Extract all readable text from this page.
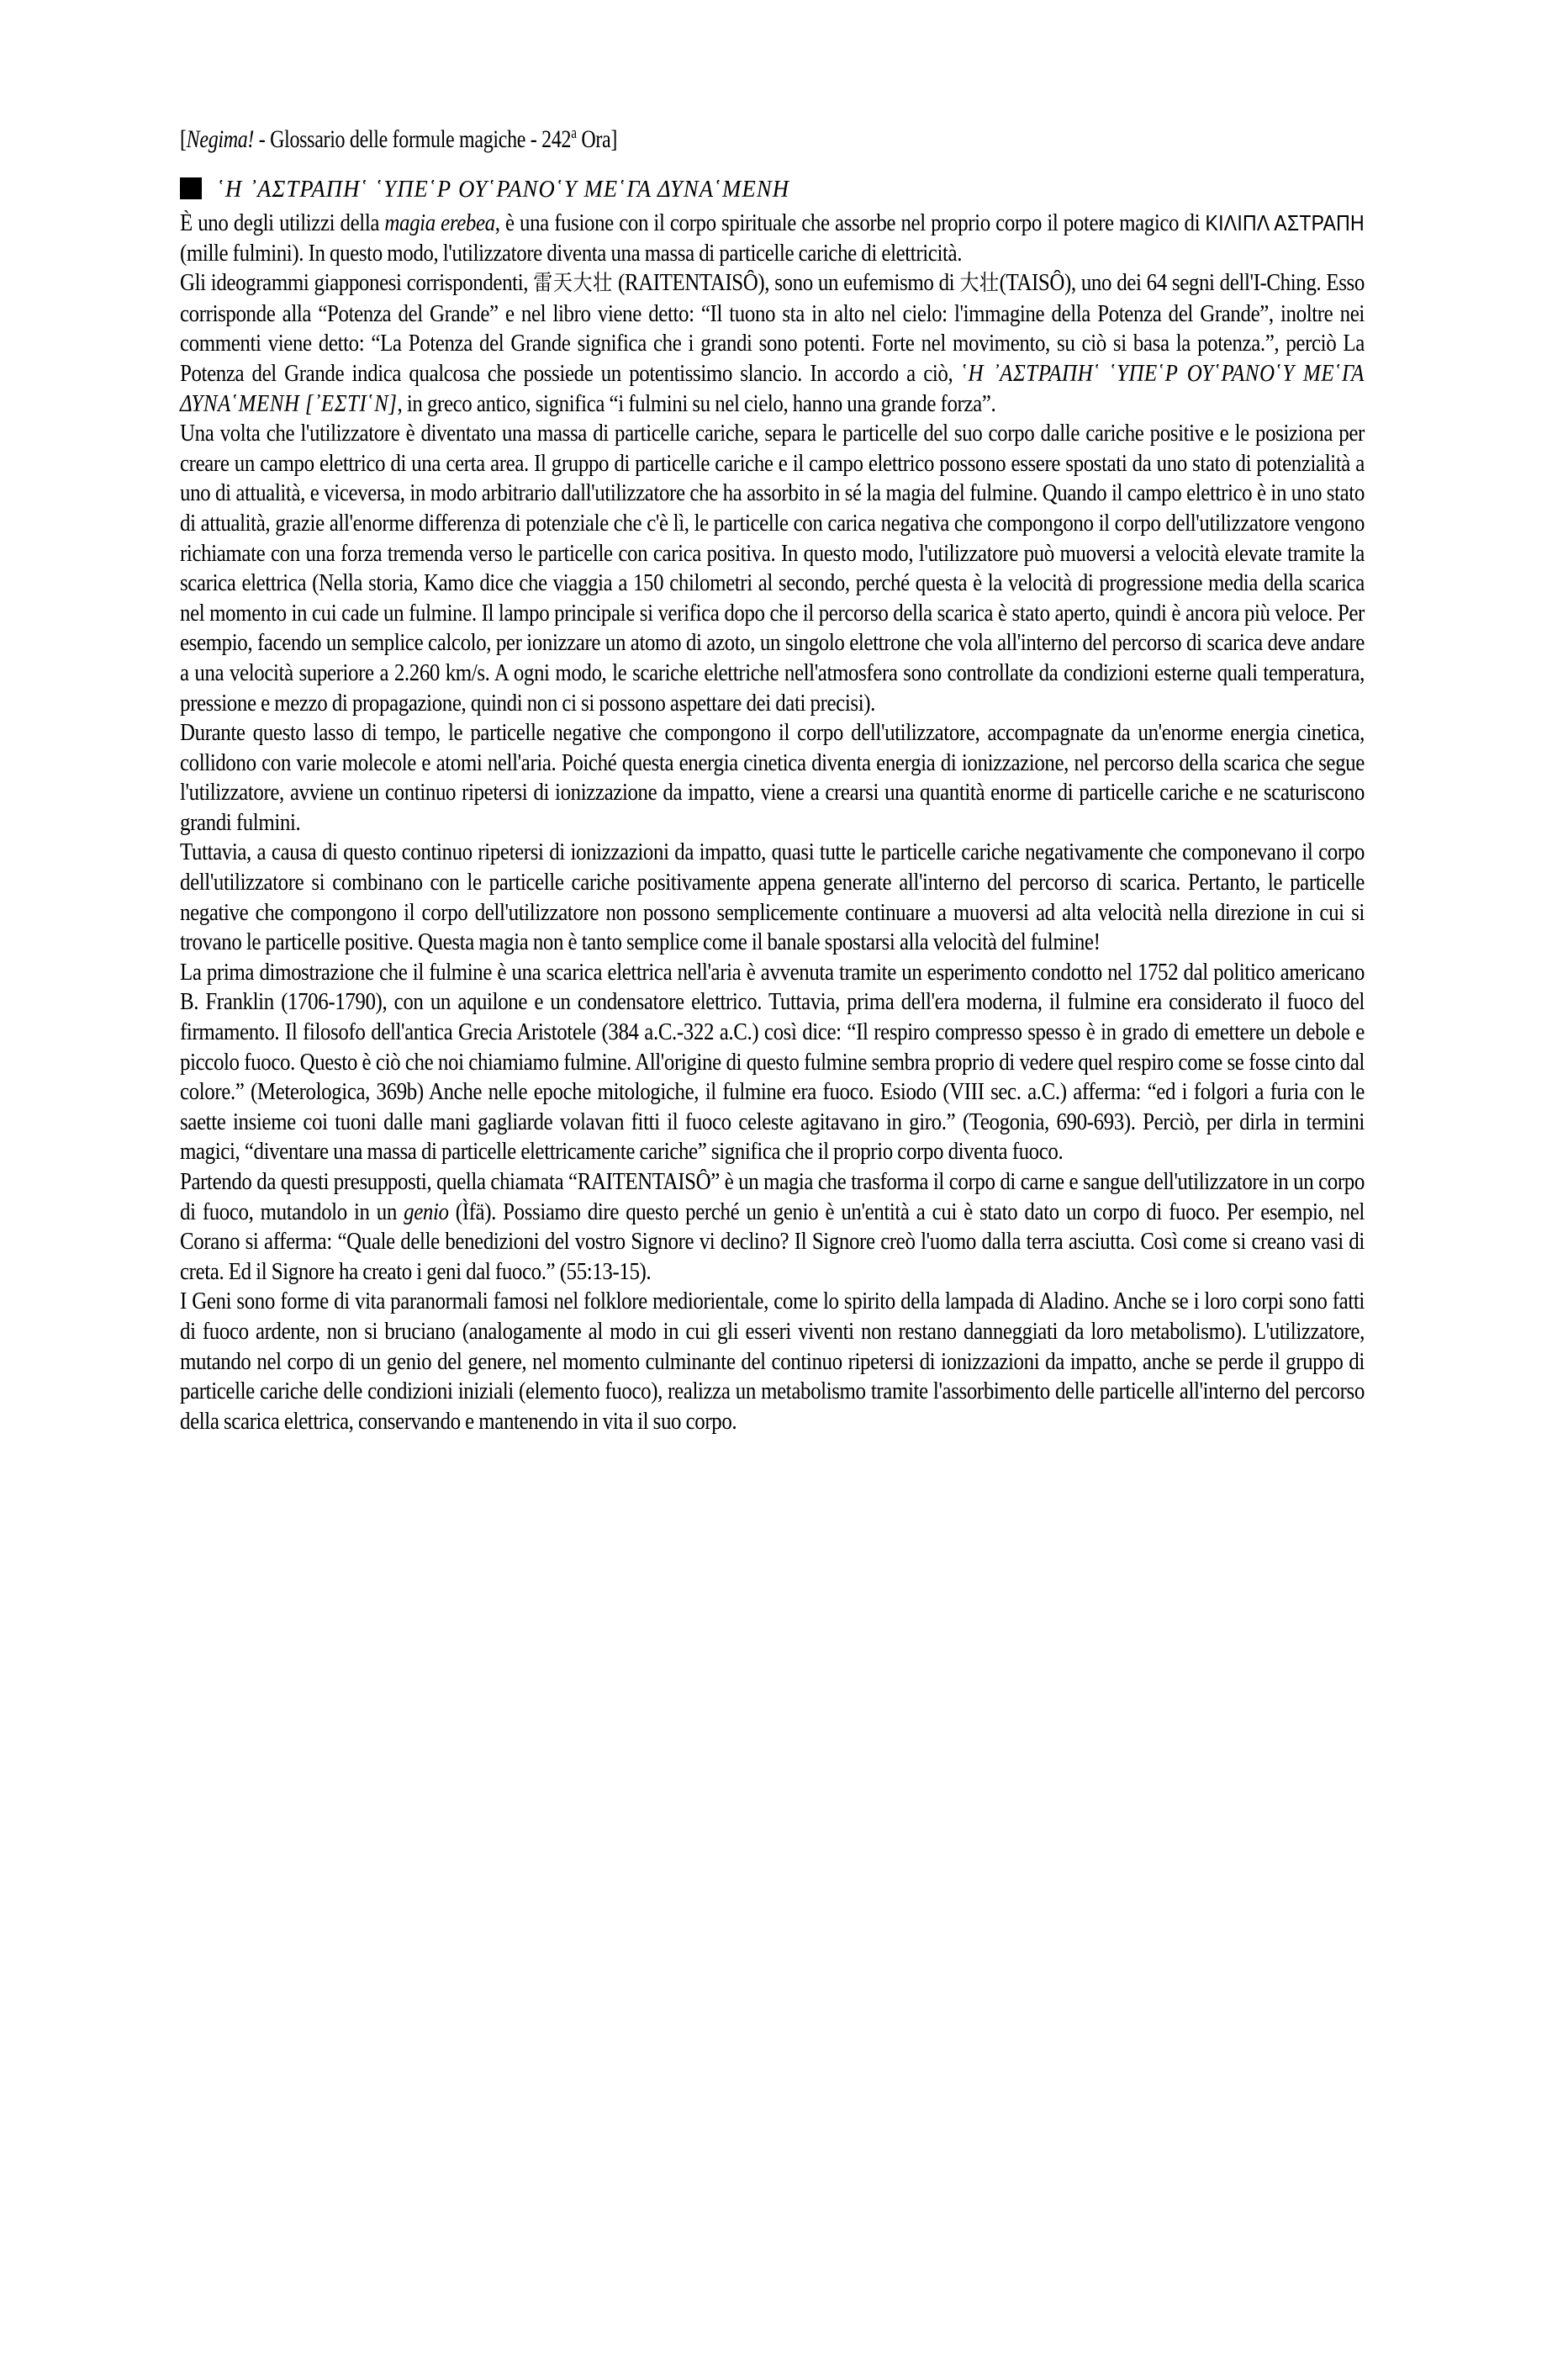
[Negima! - Glossario delle formule magiche - 242$^a$ Ora]
῾Η ᾽ΑΣΤΡΑΠΗ῾ ῾ΥΠΕ῾Ρ ΟΥ῾ΡΑΝΟ῾Υ ΜΕ῾ΓΑ ΔΥΝΑ῾ΜΕΝΗ
È uno degli utilizzi della magia erebea, è una fusione con il corpo spirituale che assorbe nel proprio corpo il potere magico di ΚΙΛΙΠΛ ΑΣΤΡΑΠΗ (mille fulmini). In questo modo, l'utilizzatore diventa una massa di particelle cariche di elettricità.
Gli ideogrammi giapponesi corrispondenti, 雷天大壮 (RAITENTAISÔ), sono un eufemismo di 大壮(TAISÔ), uno dei 64 segni dell'I-Ching. Esso corrisponde alla “Potenza del Grande” e nel libro viene detto: “Il tuono sta in alto nel cielo: l'immagine della Potenza del Grande”, inoltre nei commenti viene detto: “La Potenza del Grande significa che i grandi sono potenti. Forte nel movimento, su ciò si basa la potenza.”, perciò La Potenza del Grande indica qualcosa che possiede un potentissimo slancio. In accordo a ciò, ῾Η ᾽ΑΣΤΡΑΠΗ῾ ῾ΥΠΕ῾Ρ ΟΥ῾ΡΑΝΟ῾Υ ΜΕ῾ΓΑ ΔΥΝΑ῾ΜΕΝΗ [᾽ΕΣΤΙ῾Ν], in greco antico, significa “i fulmini su nel cielo, hanno una grande forza”.
Una volta che l'utilizzatore è diventato una massa di particelle cariche, separa le particelle del suo corpo dalle cariche positive e le posiziona per creare un campo elettrico di una certa area. Il gruppo di particelle cariche e il campo elettrico possono essere spostati da uno stato di potenzialità a uno di attualità, e viceversa, in modo arbitrario dall'utilizzatore che ha assorbito in sé la magia del fulmine. Quando il campo elettrico è in uno stato di attualità, grazie all'enorme differenza di potenziale che c'è lì, le particelle con carica negativa che compongono il corpo dell'utilizzatore vengono richiamate con una forza tremenda verso le particelle con carica positiva. In questo modo, l'utilizzatore può muoversi a velocità elevate tramite la scarica elettrica (Nella storia, Kamo dice che viaggia a 150 chilometri al secondo, perché questa è la velocità di progressione media della scarica nel momento in cui cade un fulmine. Il lampo principale si verifica dopo che il percorso della scarica è stato aperto, quindi è ancora più veloce. Per esempio, facendo un semplice calcolo, per ionizzare un atomo di azoto, un singolo elettrone che vola all'interno del percorso di scarica deve andare a una velocità superiore a 2.260 km/s. A ogni modo, le scariche elettriche nell'atmosfera sono controllate da condizioni esterne quali temperatura, pressione e mezzo di propagazione, quindi non ci si possono aspettare dei dati precisi).
Durante questo lasso di tempo, le particelle negative che compongono il corpo dell'utilizzatore, accompagnate da un'enorme energia cinetica, collidono con varie molecole e atomi nell'aria. Poiché questa energia cinetica diventa energia di ionizzazione, nel percorso della scarica che segue l'utilizzatore, avviene un continuo ripetersi di ionizzazione da impatto, viene a crearsi una quantità enorme di particelle cariche e ne scaturiscono grandi fulmini.
Tuttavia, a causa di questo continuo ripetersi di ionizzazioni da impatto, quasi tutte le particelle cariche negativamente che componevano il corpo dell'utilizzatore si combinano con le particelle cariche positivamente appena generate all'interno del percorso di scarica. Pertanto, le particelle negative che compongono il corpo dell'utilizzatore non possono semplicemente continuare a muoversi ad alta velocità nella direzione in cui si trovano le particelle positive. Questa magia non è tanto semplice come il banale spostarsi alla velocità del fulmine!
La prima dimostrazione che il fulmine è una scarica elettrica nell'aria è avvenuta tramite un esperimento condotto nel 1752 dal politico americano B. Franklin (1706-1790), con un aquilone e un condensatore elettrico. Tuttavia, prima dell'era moderna, il fulmine era considerato il fuoco del firmamento. Il filosofo dell'antica Grecia Aristotele (384 a.C.-322 a.C.) così dice: “Il respiro compresso spesso è in grado di emettere un debole e piccolo fuoco. Questo è ciò che noi chiamiamo fulmine. All'origine di questo fulmine sembra proprio di vedere quel respiro come se fosse cinto dal colore.” (Meterologica, 369b) Anche nelle epoche mitologiche, il fulmine era fuoco. Esiodo (VIII sec. a.C.) afferma: “ed i folgori a furia con le saette insieme coi tuoni dalle mani gagliarde volavan fitti il fuoco celeste agitavano in giro.” (Teogonia, 690-693). Perciò, per dirla in termini magici, “diventare una massa di particelle elettricamente cariche” significa che il proprio corpo diventa fuoco.
Partendo da questi presupposti, quella chiamata “RAITENTAISÔ” è un magia che trasforma il corpo di carne e sangue dell'utilizzatore in un corpo di fuoco, mutandolo in un genio (Ìfä). Possiamo dire questo perché un genio è un'entità a cui è stato dato un corpo di fuoco. Per esempio, nel Corano si afferma: “Quale delle benedizioni del vostro Signore vi declino? Il Signore creò l'uomo dalla terra asciutta. Così come si creano vasi di creta. Ed il Signore ha creato i geni dal fuoco.” (55:13-15).
I Geni sono forme di vita paranormali famosi nel folklore mediorientale, come lo spirito della lampada di Aladino. Anche se i loro corpi sono fatti di fuoco ardente, non si bruciano (analogamente al modo in cui gli esseri viventi non restano danneggiati da loro metabolismo). L'utilizzatore, mutando nel corpo di un genio del genere, nel momento culminante del continuo ripetersi di ionizzazioni da impatto, anche se perde il gruppo di particelle cariche delle condizioni iniziali (elemento fuoco), realizza un metabolismo tramite l'assorbimento delle particelle all'interno del percorso della scarica elettrica, conservando e mantenendo in vita il suo corpo.
